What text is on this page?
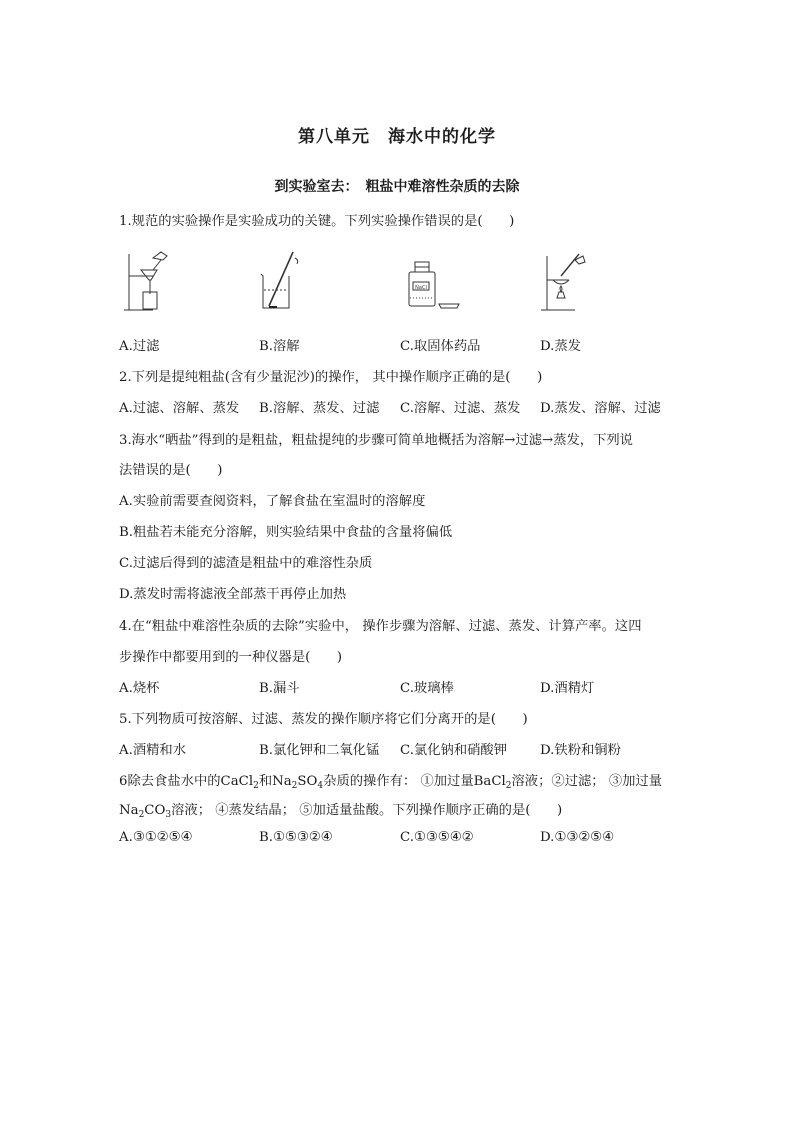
第八单元　海水中的化学
到实验室去：　粗盐中难溶性杂质的去除
1.规范的实验操作是实验成功的关键。下列实验操作错误的是(　　)
NaCl
A.过滤	B.溶解	C.取固体药品	D.蒸发
2.下列是提纯粗盐(含有少量泥沙)的操作， 其中操作顺序正确的是(　　)
A.过滤、溶解、蒸发 B.溶解、蒸发、过滤 C.溶解、过滤、蒸发 D.蒸发、溶解、过滤
3.海水“晒盐”得到的是粗盐，粗盐提纯的步骤可简单地概括为溶解→过滤→蒸发，下列说
法错误的是(　　)
A.实验前需要查阅资料，了解食盐在室温时的溶解度
B.粗盐若未能充分溶解，则实验结果中食盐的含量将偏低
C.过滤后得到的滤渣是粗盐中的难溶性杂质
D.蒸发时需将滤液全部蒸干再停止加热
4.在“粗盐中难溶性杂质的去除”实验中， 操作步骤为溶解、过滤、蒸发、计算产率。这四
步操作中都要用到的一种仪器是(　　)
A.烧杯	B.漏斗	C.玻璃棒	D.酒精灯
5.下列物质可按溶解、过滤、蒸发的操作顺序将它们分离开的是(　　)
A.酒精和水	B.氯化钾和二氧化锰 C.氯化钠和硝酸钾 D.铁粉和铜粉
6除去食盐水中的CaCl$_2$和$Na_2SO_4$杂质的操作有： ①加过量BaCl$_2$溶液；②过滤； ③加过量
$Na_2CO_3$溶液； ④蒸发结晶； ⑤加适量盐酸。下列操作顺序正确的是(　　)
A.③①②⑤④	B.①⑤③②④	C.①③⑤④②	D.①③②⑤④
